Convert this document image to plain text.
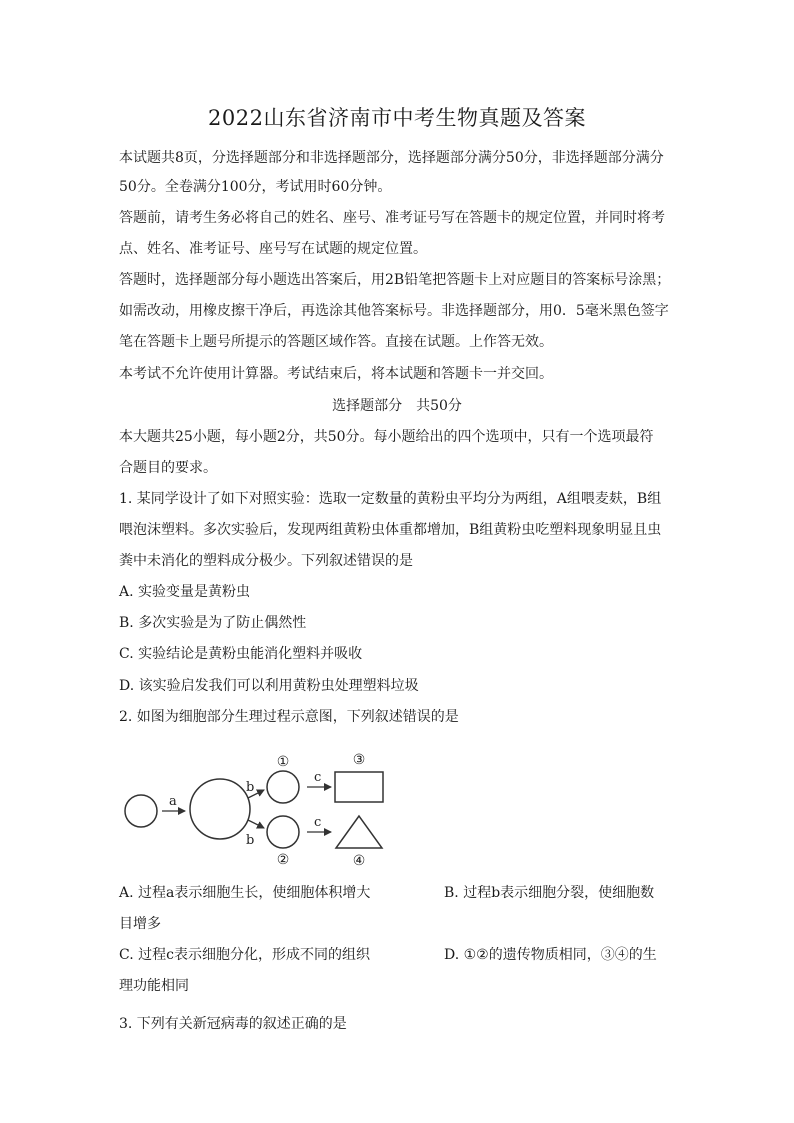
2022山东省济南市中考生物真题及答案
本试题共8页，分选择题部分和非选择题部分，选择题部分满分50分，非选择题部分满分
50分。全卷满分100分，考试用时60分钟。
答题前，请考生务必将自己的姓名、座号、准考证号写在答题卡的规定位置，并同时将考
点、姓名、准考证号、座号写在试题的规定位置。
答题时，选择题部分每小题选出答案后，用2B铅笔把答题卡上对应题目的答案标号涂黑；
如需改动，用橡皮擦干净后，再选涂其他答案标号。非选择题部分，用0．5毫米黑色签字
笔在答题卡上题号所提示的答题区域作答。直接在试题。上作答无效。
本考试不允许使用计算器。考试结束后，将本试题和答题卡一并交回。
选择题部分　共50分
本大题共25小题，每小题2分，共50分。每小题给出的四个选项中，只有一个选项最符
合题目的要求。
1. 某同学设计了如下对照实验：选取一定数量的黄粉虫平均分为两组，A组喂麦麸，B组
喂泡沫塑料。多次实验后，发现两组黄粉虫体重都增加，B组黄粉虫吃塑料现象明显且虫
粪中未消化的塑料成分极少。下列叙述错误的是
A. 实验变量是黄粉虫
B. 多次实验是为了防止偶然性
C. 实验结论是黄粉虫能消化塑料并吸收
D. 该实验启发我们可以利用黄粉虫处理塑料垃圾
2. 如图为细胞部分生理过程示意图，下列叙述错误的是
a
b
b
①
②
c
c
③
④
A. 过程a表示细胞生长，使细胞体积增大	B. 过程b表示细胞分裂，使细胞数
目增多
C. 过程c表示细胞分化，形成不同的组织	D. ①②的遗传物质相同，③④的生
理功能相同
3. 下列有关新冠病毒的叙述正确的是
